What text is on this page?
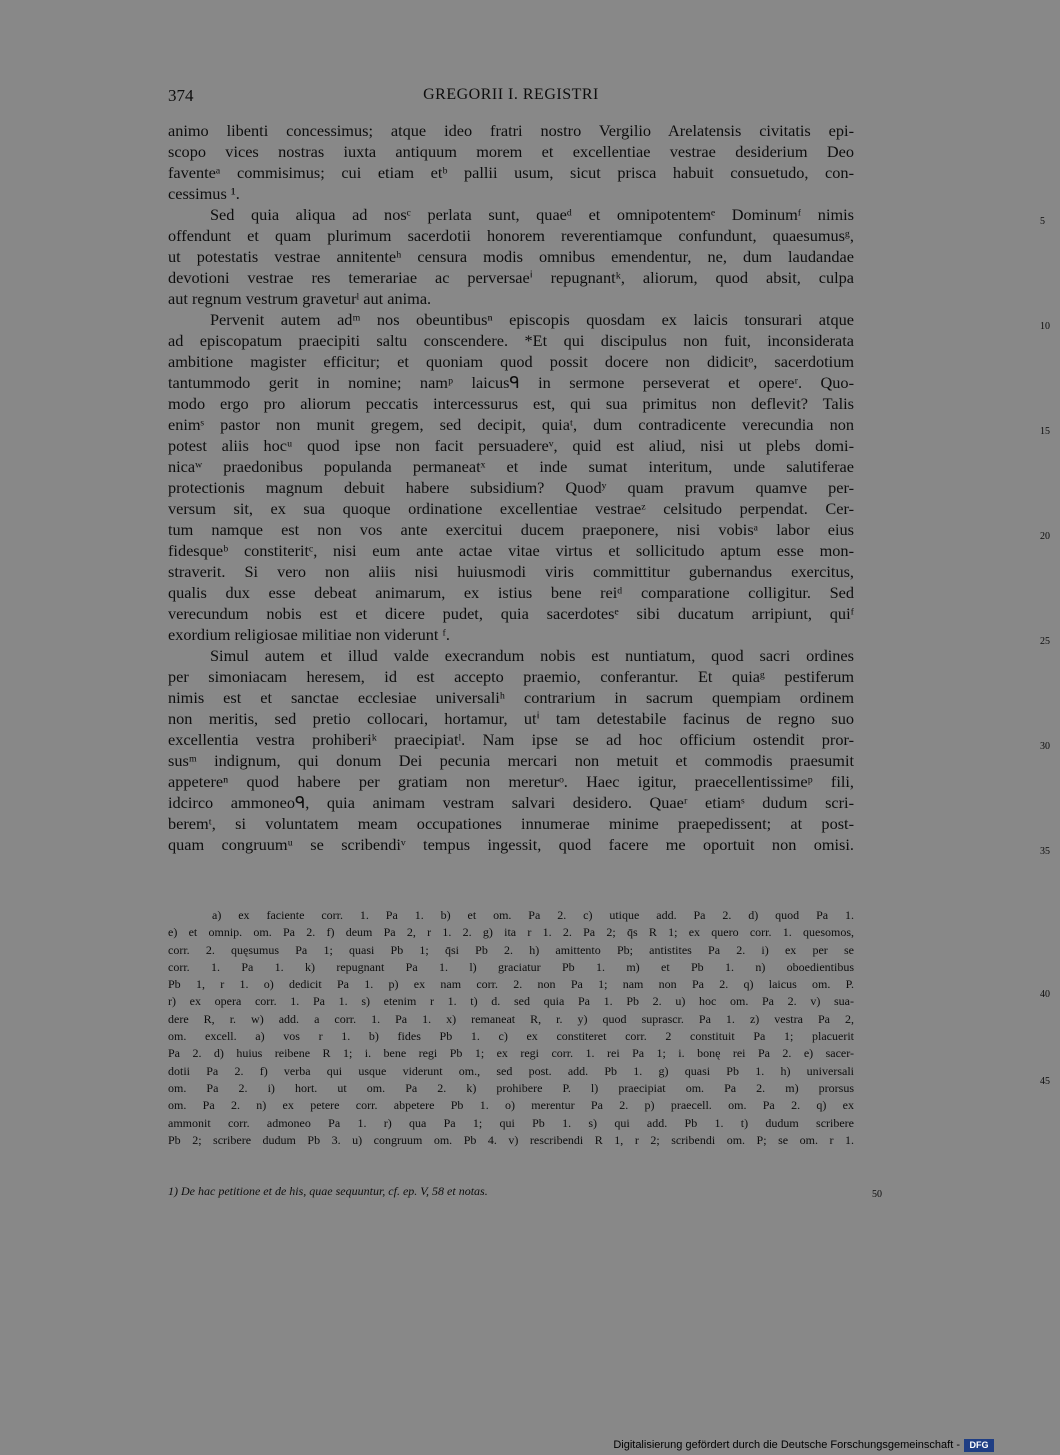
374	GREGORII I. REGISTRI
animo libenti concessimus; atque ideo fratri nostro Vergilio Arelatensis civitatis epi-
scopo vices nostras iuxta antiquum morem et excellentiae vestrae desiderium Deo
faventeᵃ commisimus; cui etiam etᵇ pallii usum, sicut prisca habuit consuetudo, con-
cessimus ¹.
Sed quia aliqua ad nosᶜ perlata sunt, quaeᵈ et omnipotentemᵉ Dominumᶠ nimis
offendunt et quam plurimum sacerdotii honorem reverentiamque confundunt, quaesumusᵍ,
ut potestatis vestrae annitenteʰ censura modis omnibus emendentur, ne, dum laudandae
devotioni vestrae res temerariae ac perversaeⁱ repugnantᵏ, aliorum, quod absit, culpa
aut regnum vestrum graveturˡ aut anima.
Pervenit autem adᵐ nos obeuntibusⁿ episcopis quosdam ex laicis tonsurari atque
ad episcopatum praecipiti saltu conscendere. *Et qui discipulus non fuit, inconsiderata
ambitione magister efficitur; et quoniam quod possit docere non didicitᵒ, sacerdotium
tantummodo gerit in nomine; namᵖ laicusᑫ in sermone perseverat et opereʳ. Quo-
modo ergo pro aliorum peccatis intercessurus est, qui sua primitus non deflevit? Talis
enimˢ pastor non munit gregem, sed decipit, quiaᵗ, dum contradicente verecundia non
potest aliis hocᵘ quod ipse non facit persuadereᵛ, quid est aliud, nisi ut plebs domi-
nicaʷ praedonibus populanda permaneatˣ et inde sumat interitum, unde salutiferae
protectionis magnum debuit habere subsidium? Quodʸ quam pravum quamve per-
versum sit, ex sua quoque ordinatione excellentiae vestraeᶻ celsitudo perpendat. Cer-
tum namque est non vos ante exercitui ducem praeponere, nisi vobisᵃ labor eius
fidesqueᵇ constiteritᶜ, nisi eum ante actae vitae virtus et sollicitudo aptum esse mon-
straverit. Si vero non aliis nisi huiusmodi viris committitur gubernandus exercitus,
qualis dux esse debeat animarum, ex istius bene reiᵈ comparatione colligitur. Sed
verecundum nobis est et dicere pudet, quia sacerdotesᵉ sibi ducatum arripiunt, quiᶠ
exordium religiosae militiae non viderunt ᶠ.
Simul autem et illud valde execrandum nobis est nuntiatum, quod sacri ordines
per simoniacam heresem, id est accepto praemio, conferantur. Et quiaᵍ pestiferum
nimis est et sanctae ecclesiae universaliʰ contrarium in sacrum quempiam ordinem
non meritis, sed pretio collocari, hortamur, utⁱ tam detestabile facinus de regno suo
excellentia vestra prohiberiᵏ praecipiatˡ. Nam ipse se ad hoc officium ostendit pror-
susᵐ indignum, qui donum Dei pecunia mercari non metuit et commodis praesumit
appetereⁿ quod habere per gratiam non mereturᵒ. Haec igitur, praecellentissimeᵖ fili,
idcirco ammoneoᑫ, quia animam vestram salvari desidero. Quaeʳ etiamˢ dudum scri-
beremᵗ, si voluntatem meam occupationes innumerae minime praepedissent; at post-
quam congruumᵘ se scribendiᵛ tempus ingessit, quod facere me oportuit non omisi.
5
10
15
20
25
30
35
a) ex faciente corr. 1. Pa 1. b) et om. Pa 2. c) utique add. Pa 2. d) quod Pa 1.
e) et omnip. om. Pa 2. f) deum Pa 2, r 1. 2. g) ita r 1. 2. Pa 2; q̄s R 1; ex quero corr. 1. quesomos,
corr. 2. quęsumus Pa 1; quasi Pb 1; q̄si Pb 2. h) amittento Pb; antistites Pa 2. i) ex per se
corr. 1. Pa 1. k) repugnant Pa 1. l) graciatur Pb 1. m) et Pb 1. n) oboedientibus
Pb 1, r 1. o) dedicit Pa 1. p) ex nam corr. 2. non Pa 1; nam non Pa 2. q) laicus om. P.
r) ex opera corr. 1. Pa 1. s) etenim r 1. t) d. sed quia Pa 1. Pb 2. u) hoc om. Pa 2. v) sua-
dere R, r. w) add. a corr. 1. Pa 1. x) remaneat R, r. y) quod suprascr. Pa 1. z) vestra Pa 2,
om. excell. a) vos r 1. b) fides Pb 1. c) ex constiteret corr. 2 constituit Pa 1; placuerit
Pa 2. d) huius reibene R 1; i. bene regi Pb 1; ex regi corr. 1. rei Pa 1; i. bonę rei Pa 2. e) sacer-
dotii Pa 2. f) verba qui usque viderunt om., sed post. add. Pb 1. g) quasi Pb 1. h) universali
om. Pa 2. i) hort. ut om. Pa 2. k) prohibere P. l) praecipiat om. Pa 2. m) prorsus
om. Pa 2. n) ex petere corr. abpetere Pb 1. o) merentur Pa 2. p) praecell. om. Pa 2. q) ex
ammonit corr. admoneo Pa 1. r) qua Pa 1; qui Pb 1. s) qui add. Pb 1. t) dudum scribere
Pb 2; scribere dudum Pb 3. u) congruum om. Pb 4. v) rescribendi R 1, r 2; scribendi om. P; se om. r 1.
40
45
1) De hac petitione et de his, quae sequuntur, cf. ep. V, 58 et notas.	50
Digitalisierung gefördert durch die Deutsche Forschungsgemeinschaft -	DFG
